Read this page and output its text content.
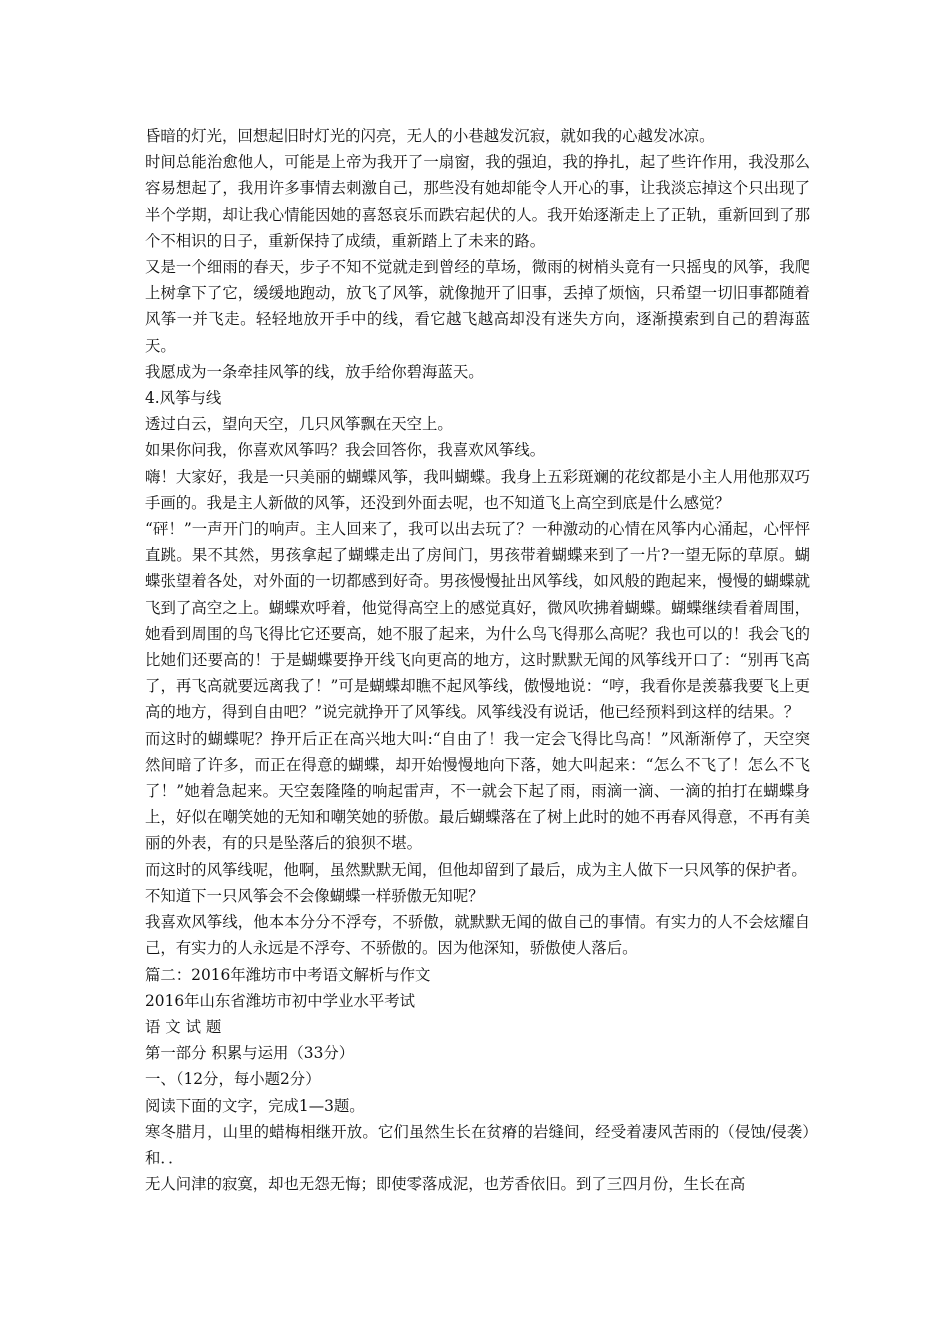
昏暗的灯光，回想起旧时灯光的闪亮，无人的小巷越发沉寂，就如我的心越发冰凉。

时间总能治愈他人，可能是上帝为我开了一扇窗，我的强迫，我的挣扎，起了些许作用，我没那么容易想起了，我用许多事情去刺激自己，那些没有她却能令人开心的事，让我淡忘掉这个只出现了半个学期，却让我心情能因她的喜怒哀乐而跌宕起伏的人。我开始逐渐走上了正轨，重新回到了那个不相识的日子，重新保持了成绩，重新踏上了未来的路。

又是一个细雨的春天，步子不知不觉就走到曾经的草场，微雨的树梢头竟有一只摇曳的风筝，我爬上树拿下了它，缓缓地跑动，放飞了风筝，就像抛开了旧事，丢掉了烦恼，只希望一切旧事都随着风筝一并飞走。轻轻地放开手中的线，看它越飞越高却没有迷失方向，逐渐摸索到自己的碧海蓝天。

我愿成为一条牵挂风筝的线，放手给你碧海蓝天。

4.风筝与线

透过白云，望向天空，几只风筝飘在天空上。

如果你问我，你喜欢风筝吗？我会回答你，我喜欢风筝线。

嗨！大家好，我是一只美丽的蝴蝶风筝，我叫蝴蝶。我身上五彩斑斓的花纹都是小主人用他那双巧手画的。我是主人新做的风筝，还没到外面去呢，也不知道飞上高空到底是什么感觉？

“砰！”一声开门的响声。主人回来了，我可以出去玩了？一种激动的心情在风筝内心涌起，心怦怦直跳。果不其然，男孩拿起了蝴蝶走出了房间门，男孩带着蝴蝶来到了一片?一望无际的草原。蝴蝶张望着各处，对外面的一切都感到好奇。男孩慢慢扯出风筝线，如风般的跑起来，慢慢的蝴蝶就飞到了高空之上。蝴蝶欢呼着，他觉得高空上的感觉真好，微风吹拂着蝴蝶。蝴蝶继续看着周围，她看到周围的鸟飞得比它还要高，她不服了起来，为什么鸟飞得那么高呢？我也可以的！我会飞的比她们还要高的！于是蝴蝶要挣开线飞向更高的地方，这时默默无闻的风筝线开口了：“别再飞高了，再飞高就要远离我了！”可是蝴蝶却瞧不起风筝线，傲慢地说：“哼，我看你是羡慕我要飞上更高的地方，得到自由吧？”说完就挣开了风筝线。风筝线没有说话，他已经预料到这样的结果。？

而这时的蝴蝶呢？挣开后正在高兴地大叫:“自由了！我一定会飞得比鸟高！”风渐渐停了，天空突然间暗了许多，而正在得意的蝴蝶，却开始慢慢地向下落，她大叫起来：“怎么不飞了！怎么不飞了！”她着急起来。天空轰隆隆的响起雷声，不一就会下起了雨，雨滴一滴、一滴的拍打在蝴蝶身上，好似在嘲笑她的无知和嘲笑她的骄傲。最后蝴蝶落在了树上此时的她不再春风得意，不再有美丽的外表，有的只是坠落后的狼狈不堪。

而这时的风筝线呢，他啊，虽然默默无闻，但他却留到了最后，成为主人做下一只风筝的保护者。

不知道下一只风筝会不会像蝴蝶一样骄傲无知呢？

我喜欢风筝线，他本本分分不浮夸，不骄傲，就默默无闻的做自己的事情。有实力的人不会炫耀自己，有实力的人永远是不浮夸、不骄傲的。因为他深知，骄傲使人落后。

篇二：2016年潍坊市中考语文解析与作文

2016年山东省潍坊市初中学业水平考试

语 文 试 题

第一部分 积累与运用（33分）

一、（12分，每小题2分）

阅读下面的文字，完成1—3题。

寒冬腊月，山里的蜡梅相继开放。它们虽然生长在贫瘠的岩缝间，经受着凄风苦雨的（侵蚀/侵袭）和．．

无人问津的寂寞，却也无怨无悔；即使零落成泥，也芳香依旧。到了三四月份，生长在高
